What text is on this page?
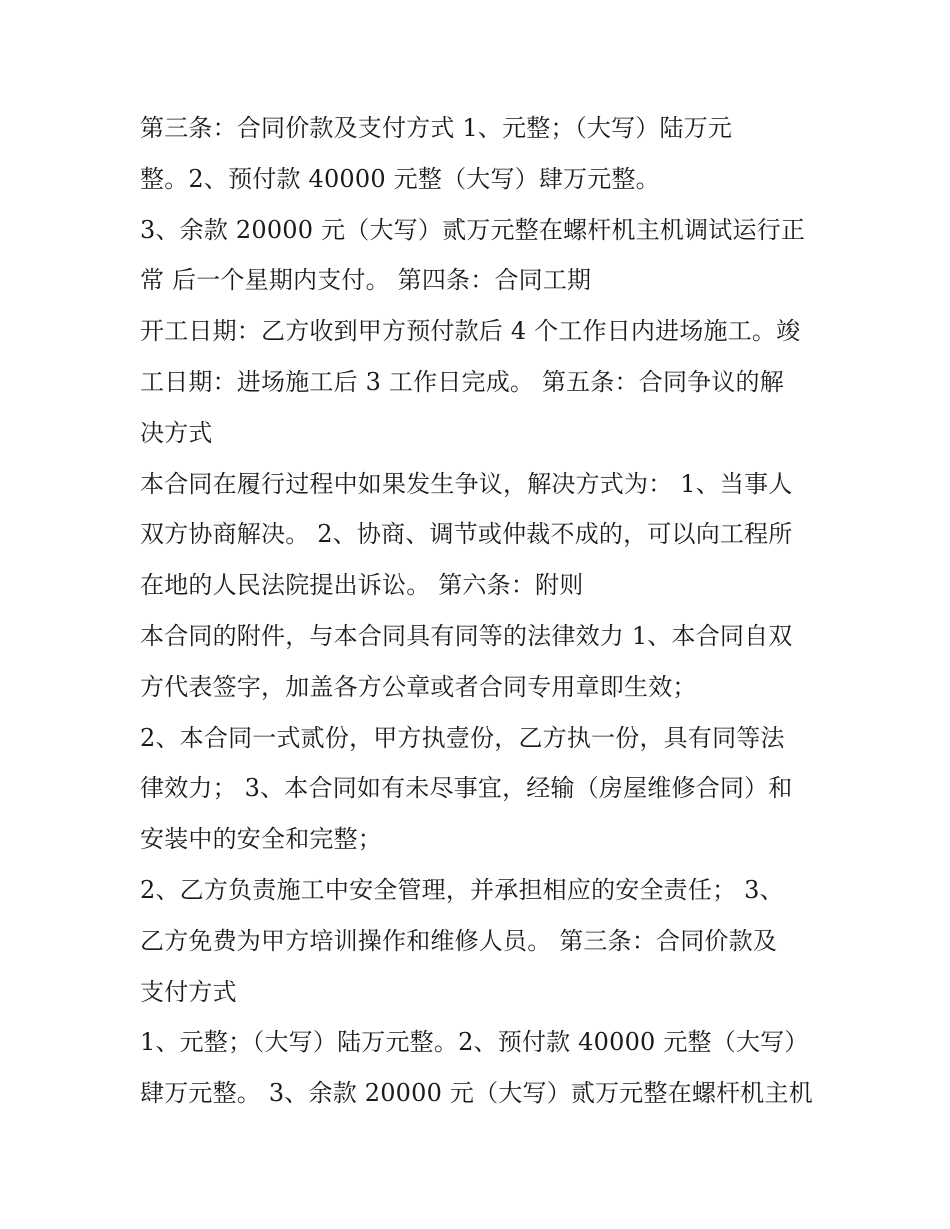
第三条：合同价款及支付方式 1、元整；（大写）陆万元
整。2、预付款 40000 元整（大写）肆万元整。
3、余款 20000 元（大写）贰万元整在螺杆机主机调试运行正
常 后一个星期内支付。 第四条：合同工期
开工日期：乙方收到甲方预付款后 4 个工作日内进场施工。竣
工日期：进场施工后 3 工作日完成。 第五条：合同争议的解
决方式
本合同在履行过程中如果发生争议，解决方式为： 1、当事人
双方协商解决。 2、协商、调节或仲裁不成的，可以向工程所
在地的人民法院提出诉讼。 第六条：附则
本合同的附件，与本合同具有同等的法律效力 1、本合同自双
方代表签字，加盖各方公章或者合同专用章即生效；
2、本合同一式贰份，甲方执壹份，乙方执一份，具有同等法
律效力； 3、本合同如有未尽事宜，经输（房屋维修合同）和
安装中的安全和完整；
2、乙方负责施工中安全管理，并承担相应的安全责任； 3、
乙方免费为甲方培训操作和维修人员。 第三条：合同价款及
支付方式
1、元整；（大写）陆万元整。2、预付款 40000 元整（大写）
肆万元整。 3、余款 20000 元（大写）贰万元整在螺杆机主机
